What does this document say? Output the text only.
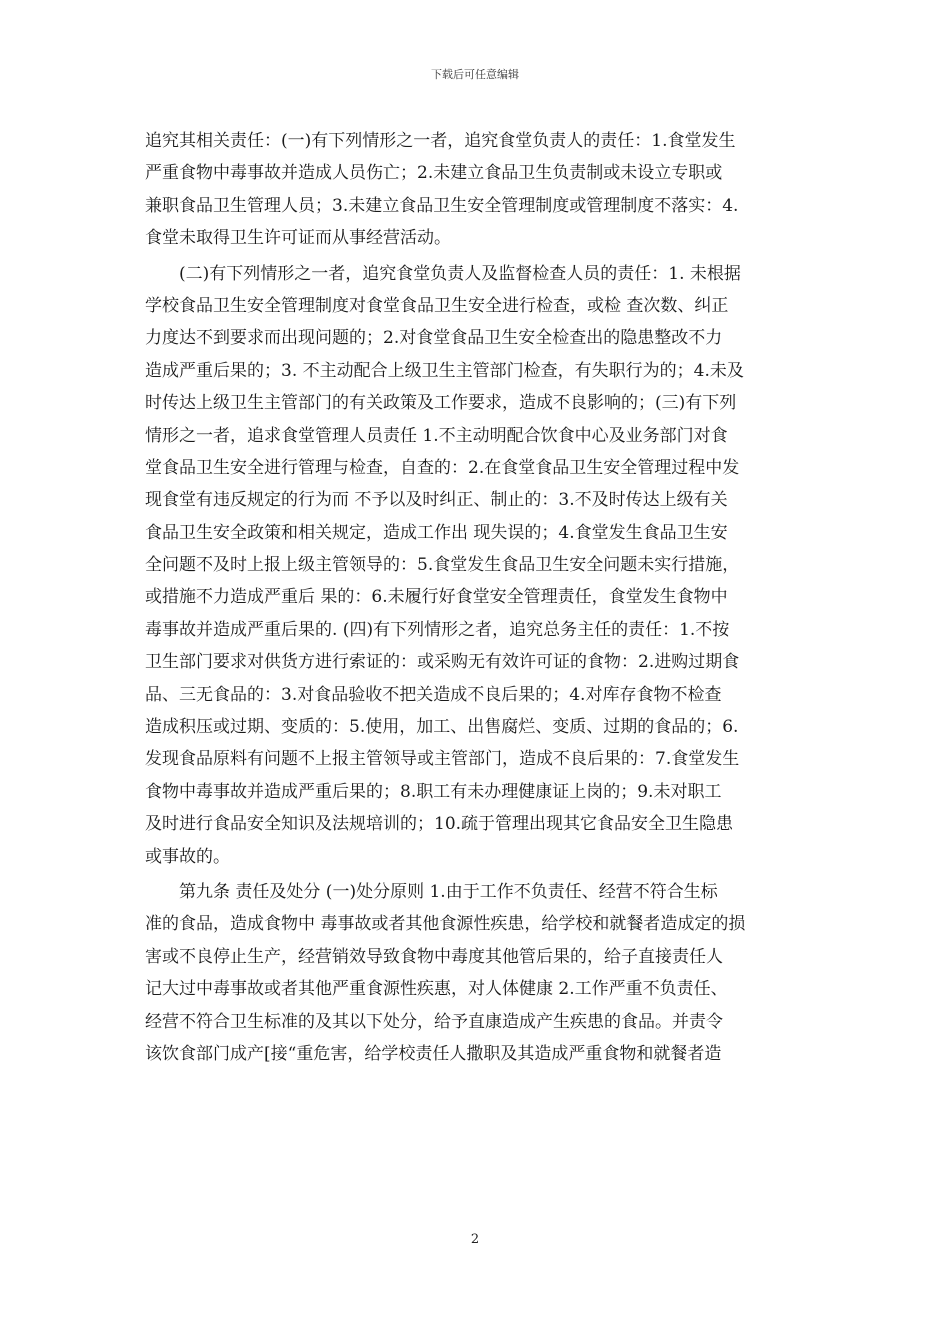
下载后可任意编辑
追究其相关责任：(一)有下列情形之一者，追究食堂负责人的责任：1.食堂发生
严重食物中毒事故并造成人员伤亡；2.未建立食品卫生负责制或未设立专职或
兼职食品卫生管理人员；3.未建立食品卫生安全管理制度或管理制度不落实：4.
食堂未取得卫生许可证而从事经营活动。
(二)有下列情形之一者，追究食堂负责人及监督检查人员的责任：1. 未根据
学校食品卫生安全管理制度对食堂食品卫生安全进行检查，或检 查次数、纠正
力度达不到要求而出现问题的；2.对食堂食品卫生安全检查出的隐患整改不力
造成严重后果的；3. 不主动配合上级卫生主管部门检查，有失职行为的；4.未及
时传达上级卫生主管部门的有关政策及工作要求，造成不良影响的；(三)有下列
情形之一者，追求食堂管理人员责任 1.不主动明配合饮食中心及业务部门对食
堂食品卫生安全进行管理与检查，自查的：2.在食堂食品卫生安全管理过程中发
现食堂有违反规定的行为而 不予以及时纠正、制止的：3.不及时传达上级有关
食品卫生安全政策和相关规定，造成工作出 现失误的；4.食堂发生食品卫生安
全问题不及时上报上级主管领导的：5.食堂发生食品卫生安全问题未实行措施，
或措施不力造成严重后 果的：6.未履行好食堂安全管理责任，食堂发生食物中
毒事故并造成严重后果的. (四)有下列情形之者，追究总务主任的责任：1.不按
卫生部门要求对供货方进行索证的：或采购无有效许可证的食物：2.进购过期食
品、三无食品的：3.对食品验收不把关造成不良后果的；4.对库存食物不检查
造成积压或过期、变质的：5.使用，加工、出售腐烂、变质、过期的食品的；6.
发现食品原料有问题不上报主管领导或主管部门，造成不良后果的：7.食堂发生
食物中毒事故并造成严重后果的；8.职工有未办理健康证上岗的；9.未对职工
及时进行食品安全知识及法规培训的；10.疏于管理出现其它食品安全卫生隐患
或事故的。
第九条 责任及处分 (一)处分原则 1.由于工作不负责任、经营不符合生标
准的食品，造成食物中 毒事故或者其他食源性疾患，给学校和就餐者造成定的损
害或不良停止生产，经营销效导致食物中毒度其他管后果的，给子直接责任人
记大过中毒事故或者其他严重食源性疾惠，对人体健康 2.工作严重不负责任、
经营不符合卫生标准的及其以下处分，给予直康造成产生疾患的食品。并责令
该饮食部门成产[接“重危害，给学校责任人撒职及其造成严重食物和就餐者造
2
